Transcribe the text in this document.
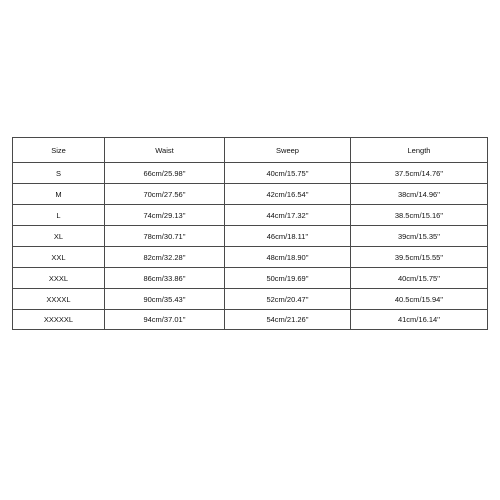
Size	Waist	Sweep	Length
S	66cm/25.98''	40cm/15.75''	37.5cm/14.76''
M	70cm/27.56''	42cm/16.54''	38cm/14.96''
L	74cm/29.13''	44cm/17.32''	38.5cm/15.16''
XL	78cm/30.71''	46cm/18.11''	39cm/15.35''
XXL	82cm/32.28''	48cm/18.90''	39.5cm/15.55''
XXXL	86cm/33.86''	50cm/19.69''	40cm/15.75''
XXXXL	90cm/35.43''	52cm/20.47''	40.5cm/15.94''
XXXXXL	94cm/37.01''	54cm/21.26''	41cm/16.14''
